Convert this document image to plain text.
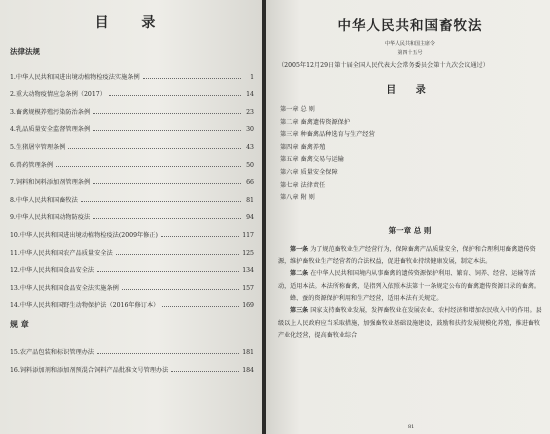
目 录
法律法规
1.中华人民共和国进出境动植物检疫法实施条例	1
2.重大动物疫情应急条例（2017）	14
3.畜禽规模养殖污染防治条例	23
4.乳品质量安全监督管理条例	30
5.生猪屠宰管理条例	43
6.兽药管理条例	50
7.饲料和饲料添加剂管理条例	66
8.中华人民共和国畜牧法	81
9.中华人民共和国动物防疫法	94
10.中华人民共和国进出境动植物检疫法(2009年修正)	117
11.中华人民共和国农产品质量安全法	125
12.中华人民共和国食品安全法	134
13.中华人民共和国食品安全法实施条例	157
14.中华人民共和国野生动物保护法（2016年修订本）	169
规 章
15.农产品包装和标识管理办法	181
16.饲料添加剂和添加剂预混合饲料产品批准文号管理办法	184
中华人民共和国畜牧法
中华人民共和国主席令
第四十五号
（2005年12月29日第十届全国人民代表大会常务委员会第十九次会议通过）
目 录
第一章 总 则
第二章 畜禽遗传资源保护
第三章 种畜禽品种选育与生产经营
第四章 畜禽养殖
第五章 畜禽交易与运输
第六章 质量安全保障
第七章 法律责任
第八章 附 则
第一章 总 则

第一条 为了规范畜牧业生产经营行为，保障畜禽产品质量安全，保护和合理利用畜禽遗传资源，维护畜牧业生产经营者的合法权益，促进畜牧业持续健康发展，制定本法。

第二条 在中华人民共和国境内从事畜禽的遗传资源保护利用、繁育、饲养、经营、运输等活动，适用本法。本法所称畜禽，是指列入依照本法第十一条规定公布的畜禽遗传资源目录的畜禽。

蜂、蚕的资源保护利用和生产经营，适用本法有关规定。

第三条 国家支持畜牧业发展，发挥畜牧业在发展农业、农村经济和增加农民收入中的作用。县级以上人民政府应当采取措施，加强畜牧业基础设施建设，鼓励和扶持发展规模化养殖，推进畜牧产业化经营，提高畜牧业综合

81
